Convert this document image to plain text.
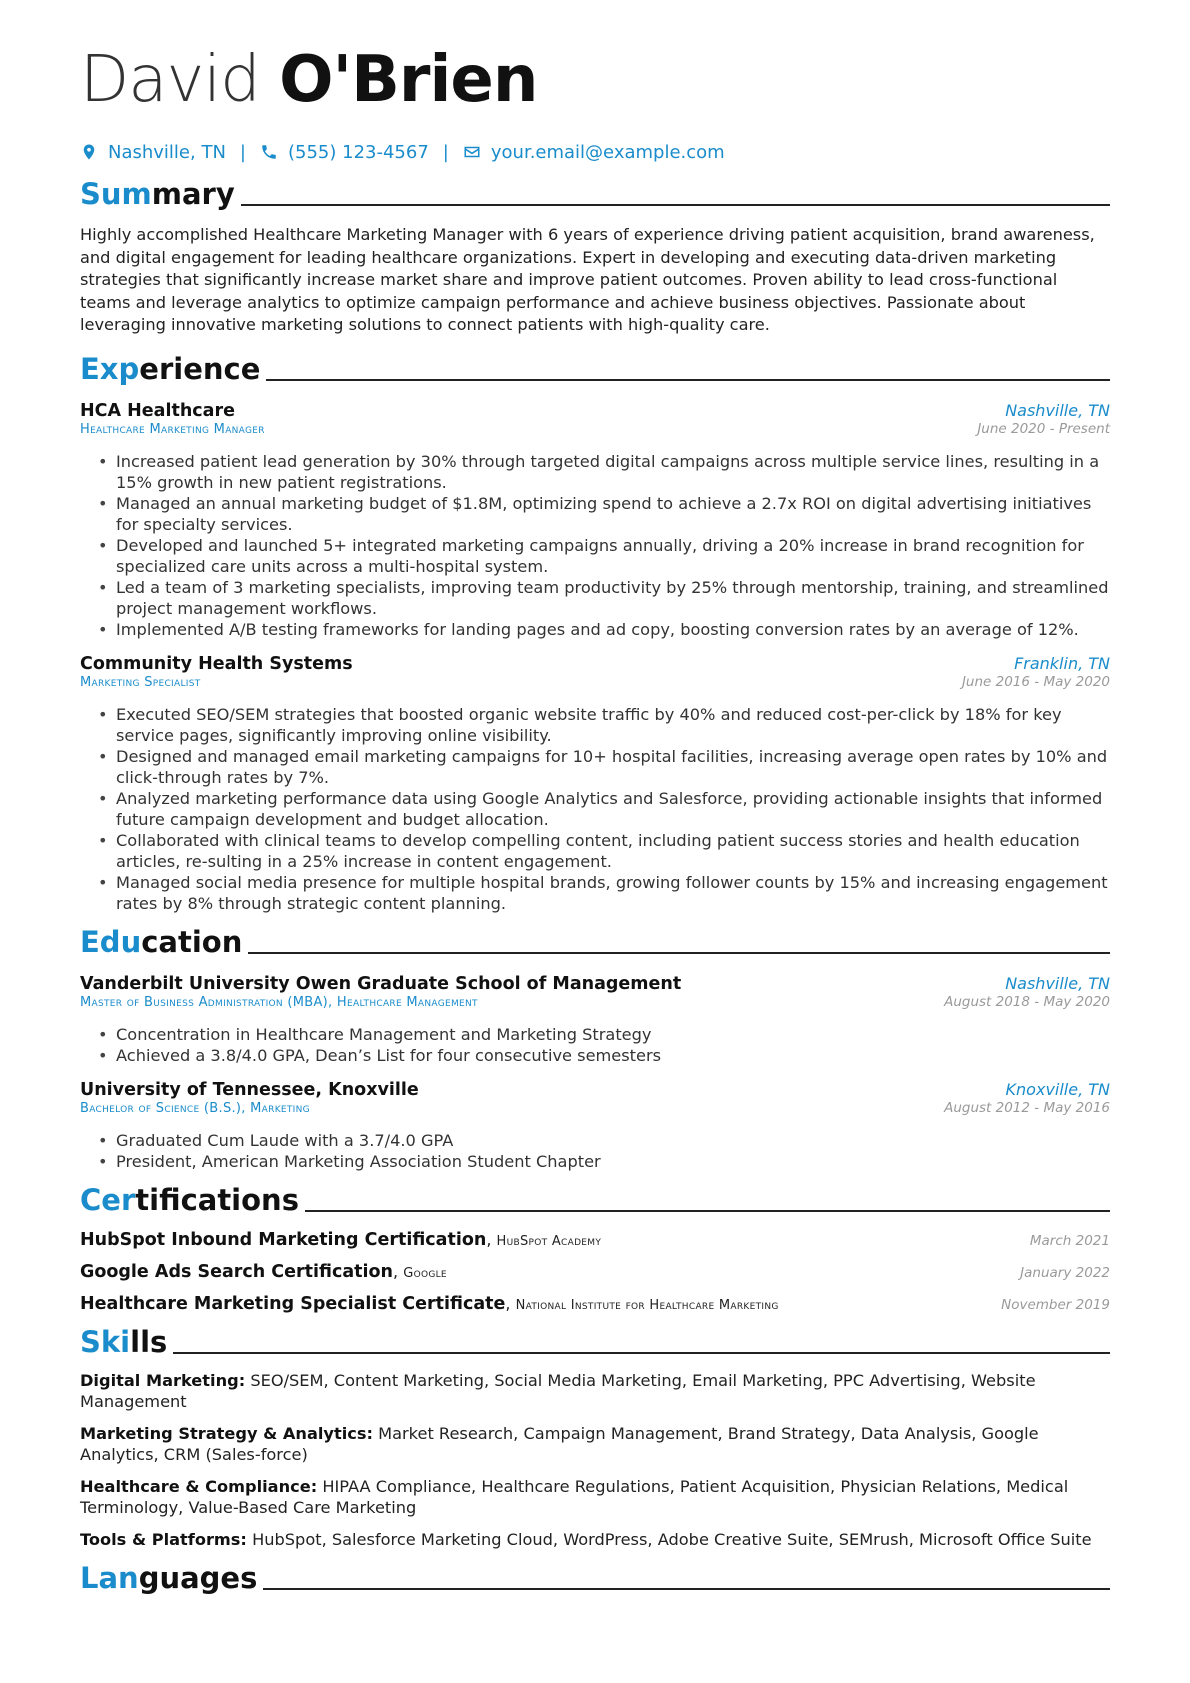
David O'Brien
Nashville, TN | (555) 123-4567 | your.email@example.com
Summary
Highly accomplished Healthcare Marketing Manager with 6 years of experience driving patient acquisition, brand awareness, and digital engagement for leading healthcare organizations. Expert in developing and executing data-driven marketing strategies that significantly increase market share and improve patient outcomes. Proven ability to lead cross-functional teams and leverage analytics to optimize campaign performance and achieve business objectives. Passionate about leveraging innovative marketing solutions to connect patients with high-quality care.
Experience
HCA Healthcare	Nashville, TN
Healthcare Marketing Manager	June 2020 - Present
• Increased patient lead generation by 30% through targeted digital campaigns across multiple service lines, resulting in a 15% growth in new patient registrations.
• Managed an annual marketing budget of $1.8M, optimizing spend to achieve a 2.7x ROI on digital advertising initiatives for specialty services.
• Developed and launched 5+ integrated marketing campaigns annually, driving a 20% increase in brand recognition for specialized care units across a multi-hospital system.
• Led a team of 3 marketing specialists, improving team productivity by 25% through mentorship, training, and streamlined project management workflows.
• Implemented A/B testing frameworks for landing pages and ad copy, boosting conversion rates by an average of 12%.
Community Health Systems	Franklin, TN
Marketing Specialist	June 2016 - May 2020
• Executed SEO/SEM strategies that boosted organic website traffic by 40% and reduced cost-per-click by 18% for key service pages, significantly improving online visibility.
• Designed and managed email marketing campaigns for 10+ hospital facilities, increasing average open rates by 10% and click-through rates by 7%.
• Analyzed marketing performance data using Google Analytics and Salesforce, providing actionable insights that informed future campaign development and budget allocation.
• Collaborated with clinical teams to develop compelling content, including patient success stories and health education articles, re-sulting in a 25% increase in content engagement.
• Managed social media presence for multiple hospital brands, growing follower counts by 15% and increasing engagement rates by 8% through strategic content planning.
Education
Vanderbilt University Owen Graduate School of Management	Nashville, TN
Master of Business Administration (MBA), Healthcare Management	August 2018 - May 2020
• Concentration in Healthcare Management and Marketing Strategy
• Achieved a 3.8/4.0 GPA, Dean’s List for four consecutive semesters
University of Tennessee, Knoxville	Knoxville, TN
Bachelor of Science (B.S.), Marketing	August 2012 - May 2016
• Graduated Cum Laude with a 3.7/4.0 GPA
• President, American Marketing Association Student Chapter
Certifications
HubSpot Inbound Marketing Certification, HubSpot Academy	March 2021
Google Ads Search Certification, Google	January 2022
Healthcare Marketing Specialist Certificate, National Institute for Healthcare Marketing	November 2019
Skills
Digital Marketing: SEO/SEM, Content Marketing, Social Media Marketing, Email Marketing, PPC Advertising, Website Management
Marketing Strategy & Analytics: Market Research, Campaign Management, Brand Strategy, Data Analysis, Google Analytics, CRM (Sales-force)
Healthcare & Compliance: HIPAA Compliance, Healthcare Regulations, Patient Acquisition, Physician Relations, Medical Terminology, Value-Based Care Marketing
Tools & Platforms: HubSpot, Salesforce Marketing Cloud, WordPress, Adobe Creative Suite, SEMrush, Microsoft Office Suite
Languages
